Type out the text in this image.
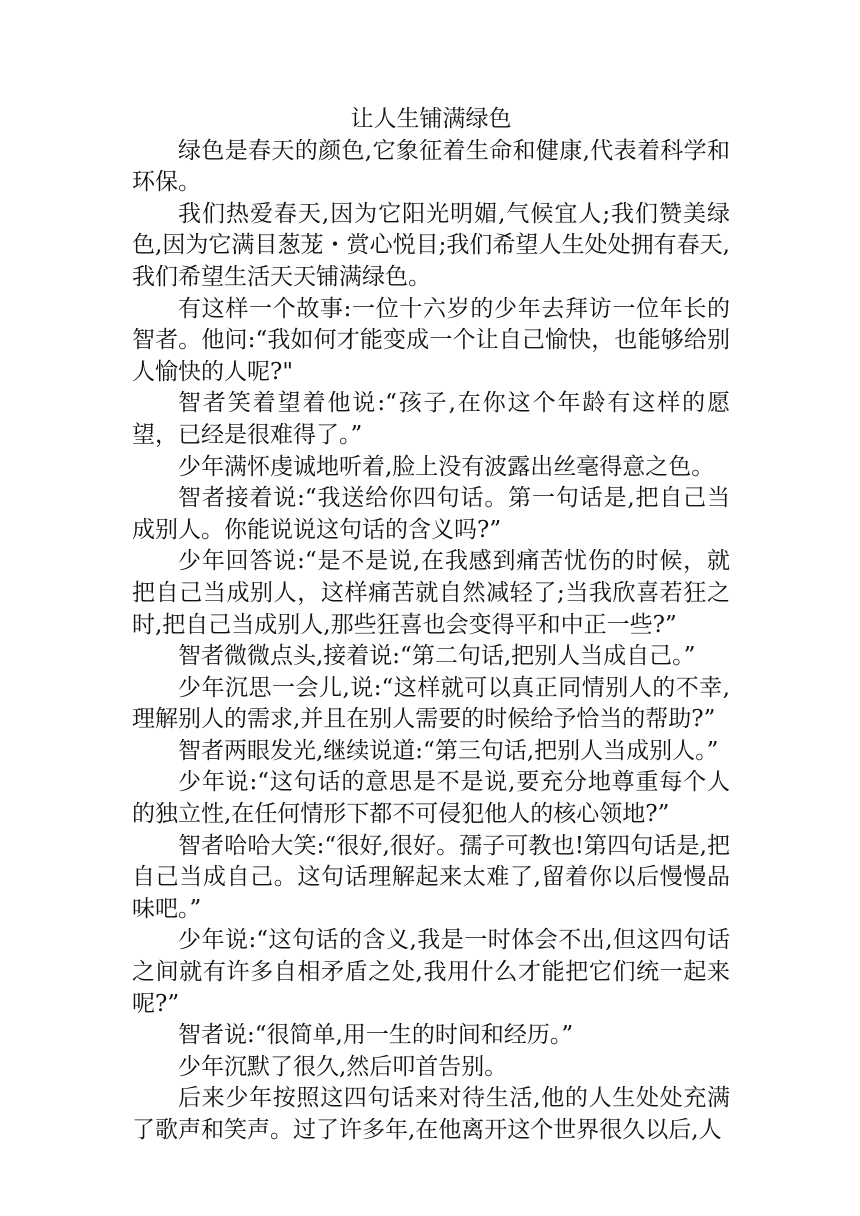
让人生铺满绿色

绿色是春天的颜色,它象征着生命和健康,代表着科学和环保。

我们热爱春天,因为它阳光明媚,气候宜人;我们赞美绿色,因为它满目葱茏・赏心悦目;我们希望人生处处拥有春天,我们希望生活天天铺满绿色。

有这样一个故事:一位十六岁的少年去拜访一位年长的智者。他问:“我如何才能变成一个让自己愉快，也能够给别人愉快的人呢?"

智者笑着望着他说:“孩子,在你这个年龄有这样的愿望，已经是很难得了。”

少年满怀虔诚地听着,脸上没有波露出丝毫得意之色。

智者接着说:“我送给你四句话。第一句话是,把自己当成别人。你能说说这句话的含义吗?”

少年回答说:“是不是说,在我感到痛苦忧伤的时候，就把自己当成别人，这样痛苦就自然减轻了;当我欣喜若狂之时,把自己当成别人,那些狂喜也会变得平和中正一些?”

智者微微点头,接着说:“第二句话,把别人当成自己。”

少年沉思一会儿,说:“这样就可以真正同情别人的不幸,理解别人的需求,并且在别人需要的时候给予恰当的帮助?”

智者两眼发光,继续说道:“第三句话,把别人当成别人。”

少年说:“这句话的意思是不是说,要充分地尊重每个人的独立性,在任何情形下都不可侵犯他人的核心领地?”

智者哈哈大笑:“很好,很好。孺子可教也!第四句话是,把自己当成自己。这句话理解起来太难了,留着你以后慢慢品味吧。”

少年说:“这句话的含义,我是一时体会不出,但这四句话之间就有许多自相矛盾之处,我用什么才能把它们统一起来呢?”

智者说:“很简单,用一生的时间和经历。”

少年沉默了很久,然后叩首告别。

后来少年按照这四句话来对待生活,他的人生处处充满了歌声和笑声。过了许多年,在他离开这个世界很久以后,人
